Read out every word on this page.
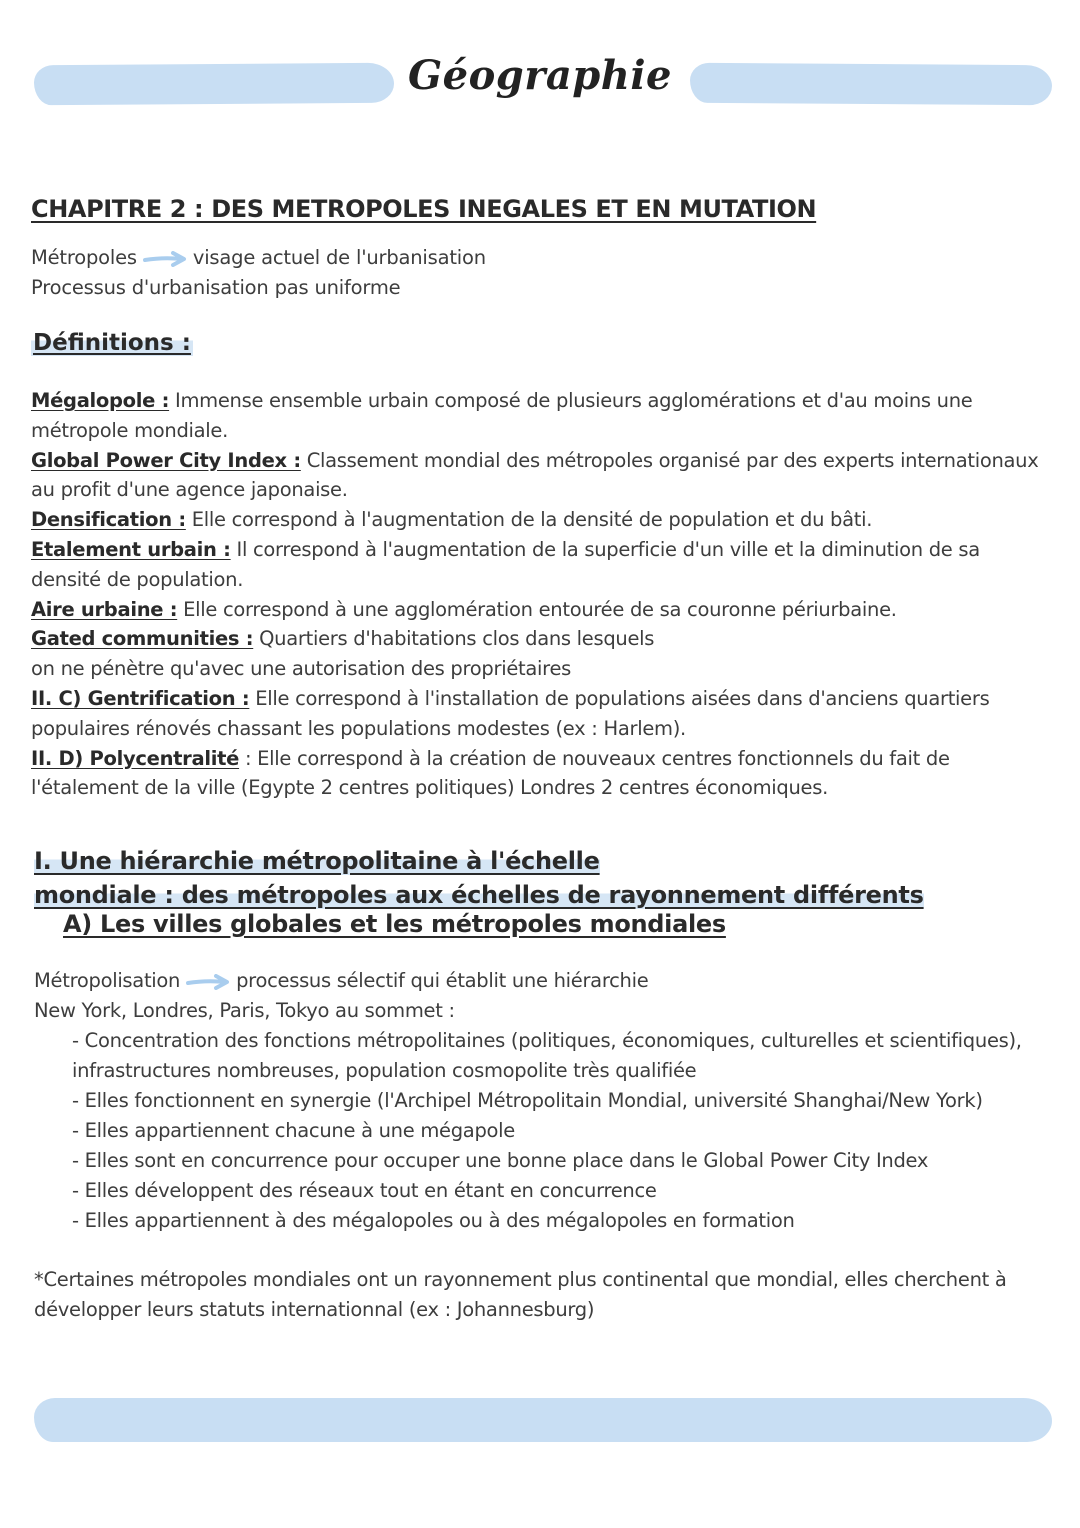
Géographie
CHAPITRE 2 : DES METROPOLES INEGALES ET EN MUTATION
Métropoles	visage actuel de l'urbanisation
Processus d'urbanisation pas uniforme
Définitions :

Mégalopole : Immense ensemble urbain composé de plusieurs agglomérations et d'au moins une métropole mondiale.

Global Power City Index : Classement mondial des métropoles organisé par des experts internationaux au profit d'une agence japonaise.

Densification : Elle correspond à l'augmentation de la densité de population et du bâti.

Etalement urbain : Il correspond à l'augmentation de la superficie d'un ville et la diminution de sa densité de population.

Aire urbaine : Elle correspond à une agglomération entourée de sa couronne périurbaine.

Gated communities : Quartiers d'habitations clos dans lesquels

on ne pénètre qu'avec une autorisation des propriétaires

II. C) Gentrification : Elle correspond à l'installation de populations aisées dans d'anciens quartiers populaires rénovés chassant les populations modestes (ex : Harlem).

II. D) Polycentralité : Elle correspond à la création de nouveaux centres fonctionnels du fait de l'étalement de la ville (Egypte 2 centres politiques) Londres 2 centres économiques.

I. Une hiérarchie métropolitaine à l'échelle
mondiale : des métropoles aux échelles de rayonnement différents
A) Les villes globales et les métropoles mondiales

Métropolisation	processus sélectif qui établit une hiérarchie

New York, Londres, Paris, Tokyo au sommet :

- Concentration des fonctions métropolitaines (politiques, économiques, culturelles et scientifiques), infrastructures nombreuses, population cosmopolite très qualifiée
- Elles fonctionnent en synergie (l'Archipel Métropolitain Mondial, université Shanghai/New York)
- Elles appartiennent chacune à une mégapole
- Elles sont en concurrence pour occuper une bonne place dans le Global Power City Index
- Elles développent des réseaux tout en étant en concurrence
- Elles appartiennent à des mégalopoles ou à des mégalopoles en formation

*Certaines métropoles mondiales ont un rayonnement plus continental que mondial, elles cherchent à développer leurs statuts internationnal (ex : Johannesburg)
